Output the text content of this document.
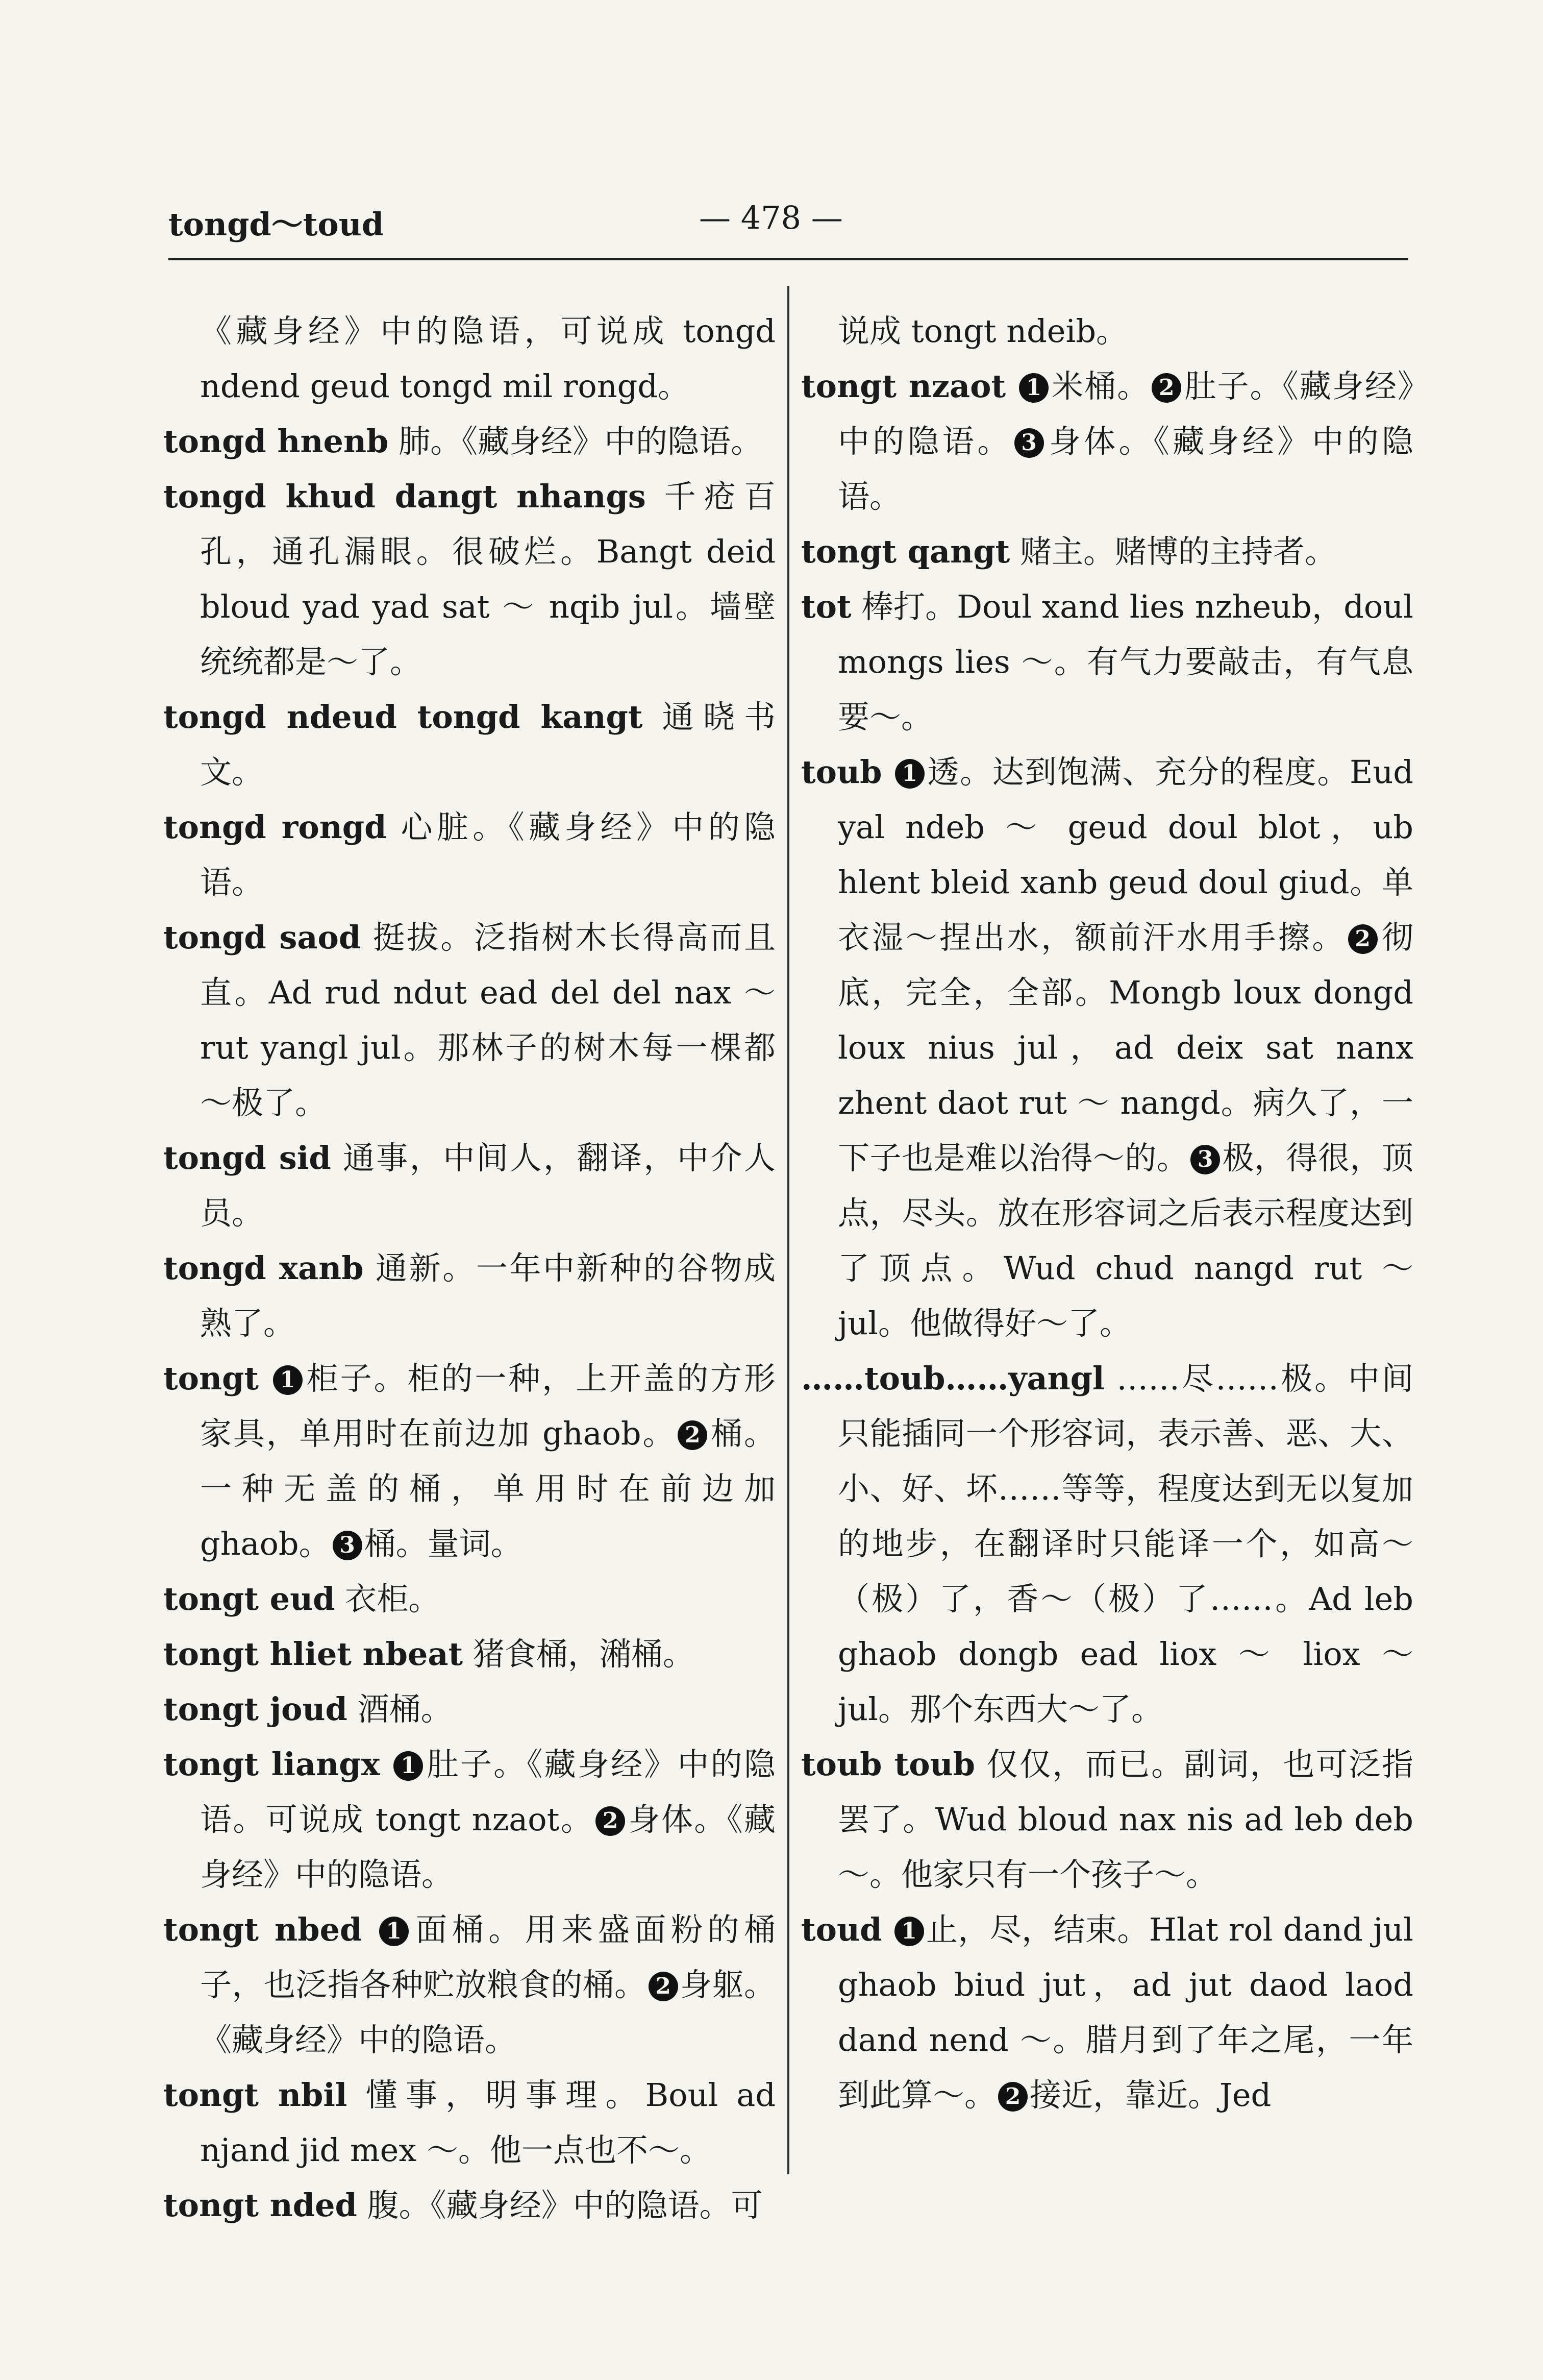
tongd～toud	— 478 —

《藏身经》中的隐语，可说成 tongd ndend geud tongd mil rongd。

tongd hnenb 肺。《藏身经》中的隐语。

tongd khud dangt nhangs 千疮百孔，通孔漏眼。很破烂。Bangt deid bloud yad yad sat ～ nqib jul。墙壁统统都是～了。

tongd ndeud tongd kangt 通晓书文。

tongd rongd 心脏。《藏身经》中的隐语。

tongd saod 挺拔。泛指树木长得高而且直。Ad rud ndut ead del del nax ～ rut yangl jul。那林子的树木每一棵都～极了。

tongd sid 通事，中间人，翻译，中介人员。

tongd xanb 通新。一年中新种的谷物成熟了。

tongt 1 柜子。柜的一种，上开盖的方形家具，单用时在前边加 ghaob。 2 桶。一种无盖的桶，单用时在前边加 ghaob。 3 桶。量词。

tongt eud 衣柜。

tongt hliet nbeat 猪食桶，潲桶。

tongt joud 酒桶。

tongt liangx 1 肚子。《藏身经》中的隐语。可说成 tongt nzaot。 2 身体。《藏身经》中的隐语。

tongt nbed 1 面桶。用来盛面粉的桶子，也泛指各种贮放粮食的桶。 2 身躯。《藏身经》中的隐语。

tongt nbil 懂事，明事理。Boul ad njand jid mex ～。他一点也不～。

tongt nded 腹。《藏身经》中的隐语。可

说成 tongt ndeib。

tongt nzaot 1 米桶。 2 肚子。《藏身经》中的隐语。 3 身体。《藏身经》中的隐语。

tongt qangt 赌主。赌博的主持者。

tot 棒打。Doul xand lies nzheub，doul mongs lies ～。有气力要敲击，有气息要～。

toub 1 透。达到饱满、充分的程度。Eud yal ndeb ～ geud doul blot，ub hlent bleid xanb geud doul giud。单衣湿～捏出水，额前汗水用手擦。 2 彻底，完全，全部。Mongb loux dongd loux nius jul，ad deix sat nanx zhent daot rut ～ nangd。病久了，一下子也是难以治得～的。 3 极，得很，顶点，尽头。放在形容词之后表示程度达到了顶点。Wud chud nangd rut ～ jul。他做得好～了。

……toub……yangl ……尽……极。中间只能插同一个形容词，表示善、恶、大、小、好、坏……等等，程度达到无以复加的地步，在翻译时只能译一个，如高～（极）了，香～（极）了……。Ad leb ghaob dongb ead liox ～ liox ～ jul。那个东西大～了。

toub toub 仅仅，而已。副词，也可泛指罢了。Wud bloud nax nis ad leb deb ～。他家只有一个孩子～。

toud 1 止，尽，结束。Hlat rol dand jul ghaob biud jut，ad jut daod laod dand nend ～。腊月到了年之尾，一年到此算～。 2 接近，靠近。Jed
